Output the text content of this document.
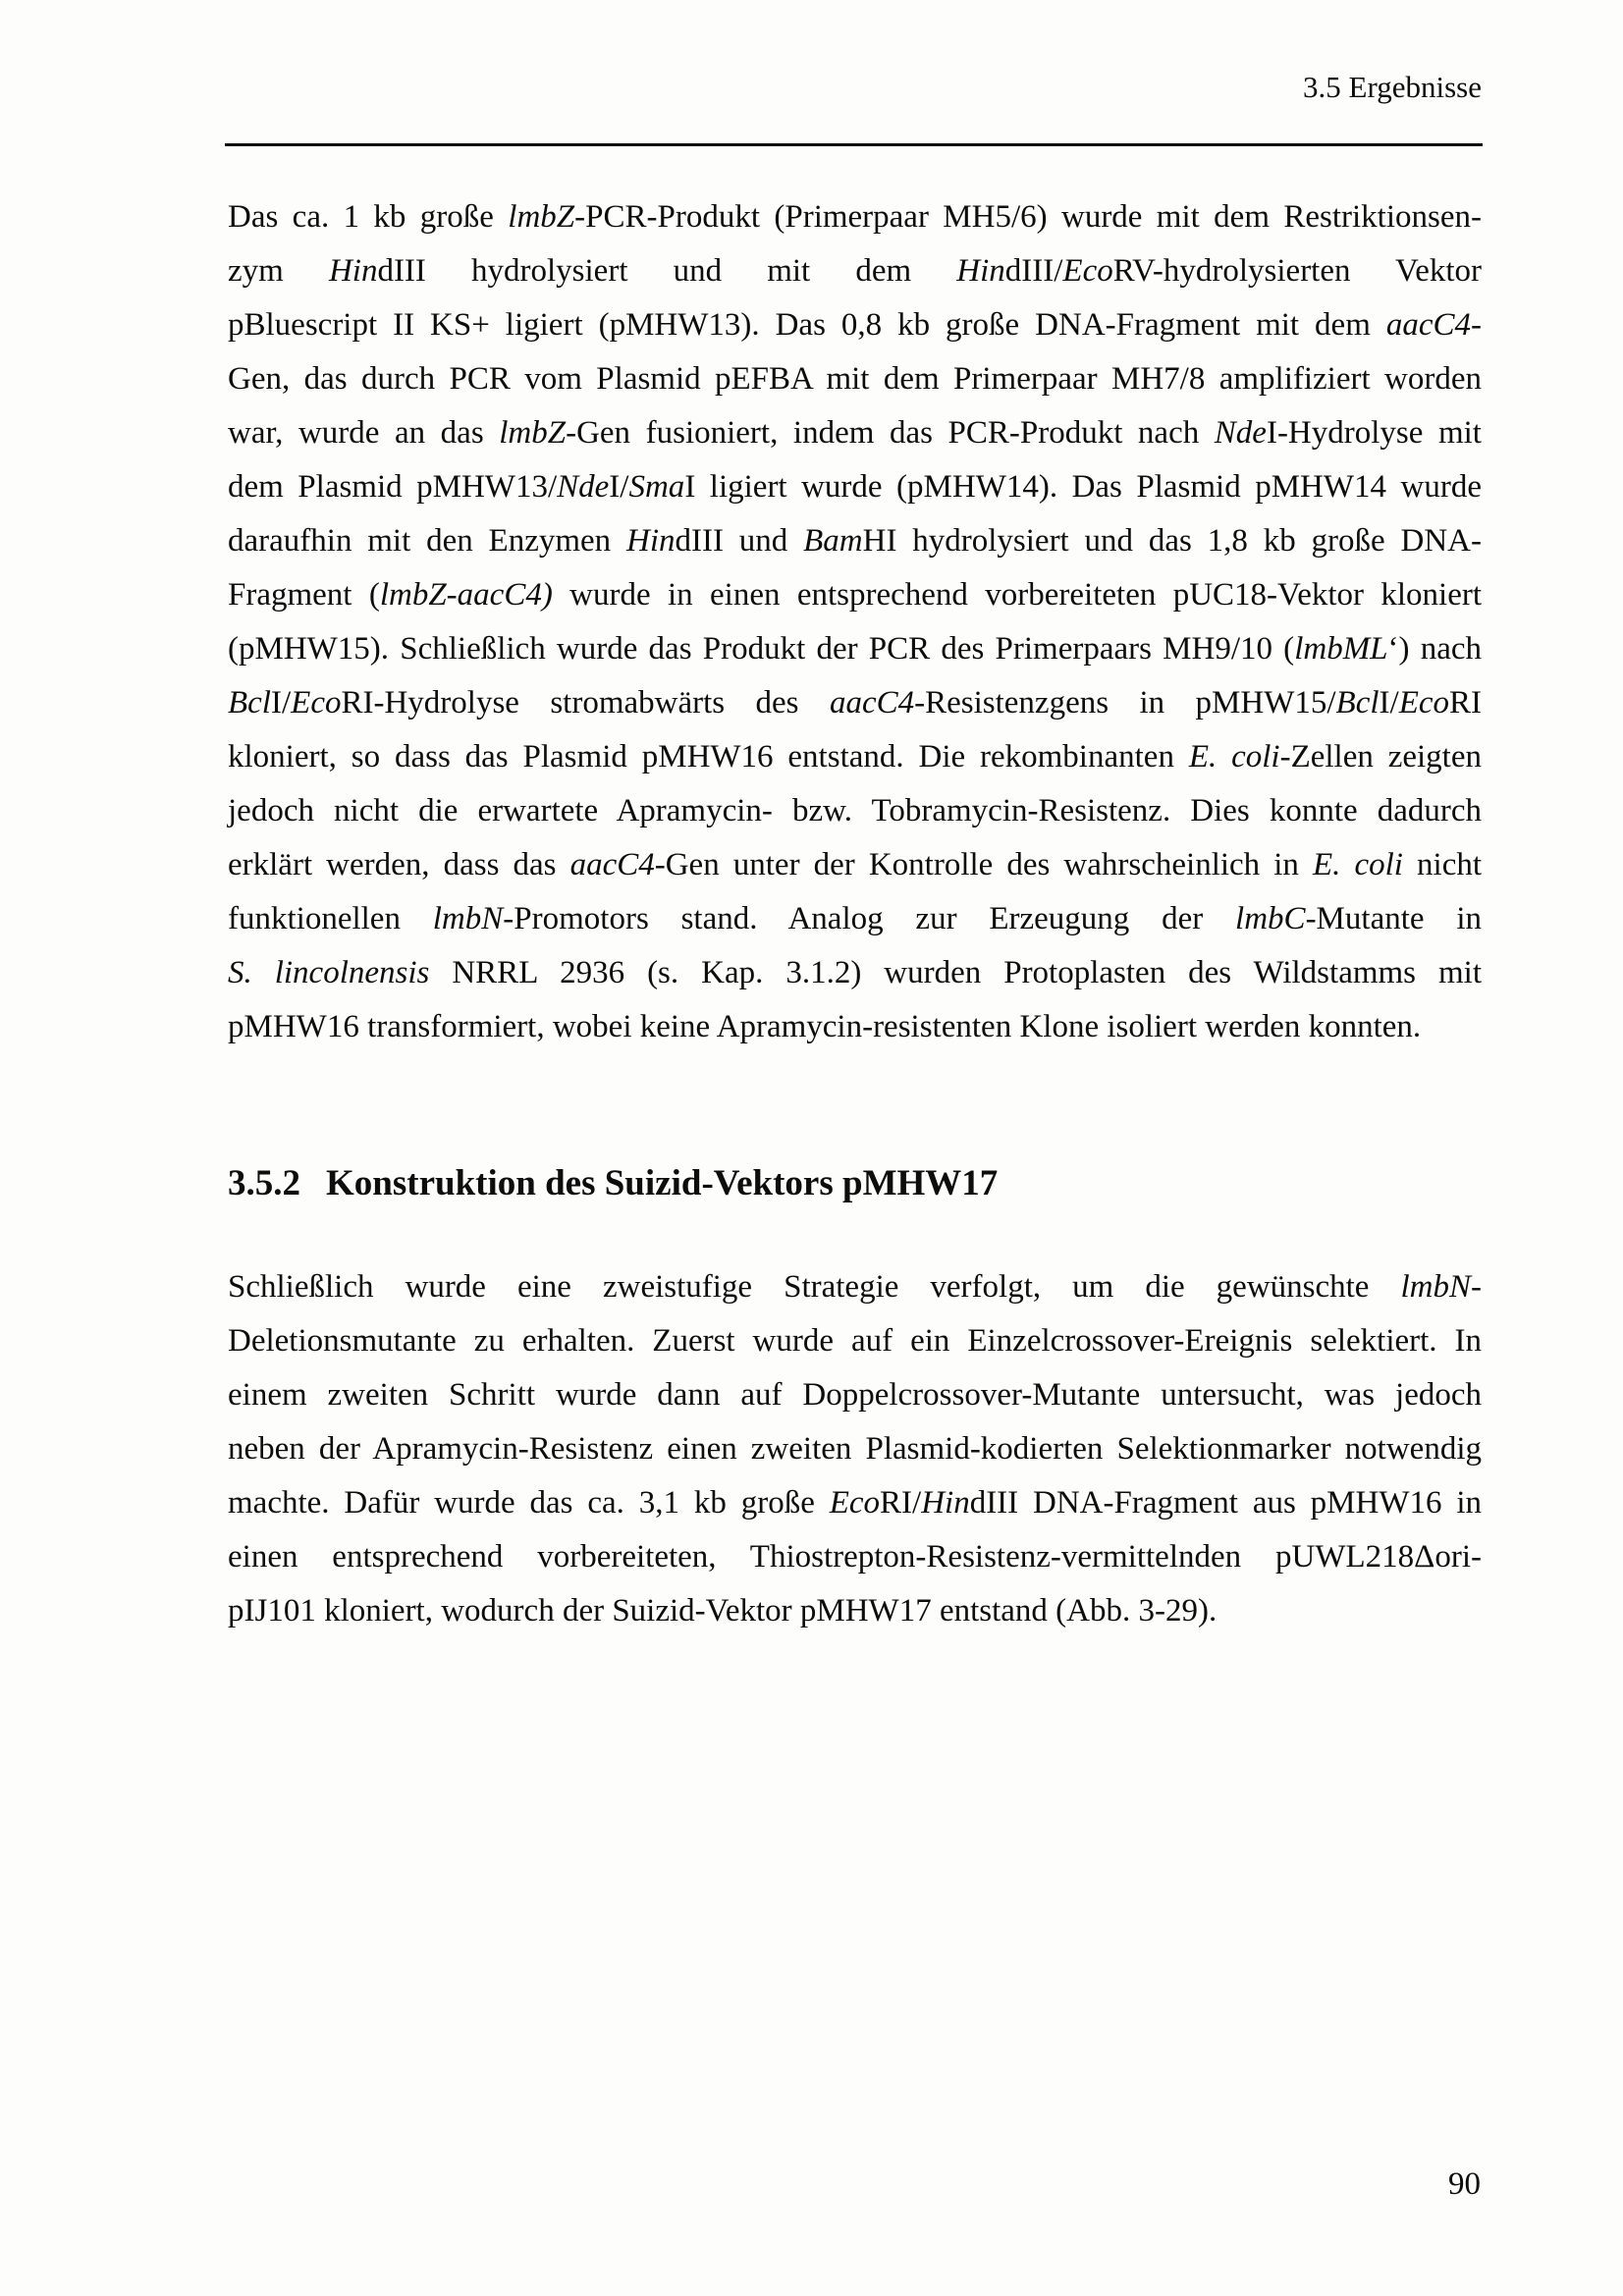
3.5 Ergebnisse
Das ca. 1 kb große lmbZ-PCR-Produkt (Primerpaar MH5/6) wurde mit dem Restriktionsen-
zym HindIII hydrolysiert und mit dem HindIII/EcoRV-hydrolysierten Vektor
pBluescript II KS+ ligiert (pMHW13). Das 0,8 kb große DNA-Fragment mit dem aacC4-
Gen, das durch PCR vom Plasmid pEFBA mit dem Primerpaar MH7/8 amplifiziert worden
war, wurde an das lmbZ-Gen fusioniert, indem das PCR-Produkt nach NdeI-Hydrolyse mit
dem Plasmid pMHW13/NdeI/SmaI ligiert wurde (pMHW14). Das Plasmid pMHW14 wurde
daraufhin mit den Enzymen HindIII und BamHI hydrolysiert und das 1,8 kb große DNA-
Fragment (lmbZ-aacC4) wurde in einen entsprechend vorbereiteten pUC18-Vektor kloniert
(pMHW15). Schließlich wurde das Produkt der PCR des Primerpaars MH9/10 (lmbML‘) nach
BclI/EcoRI-Hydrolyse stromabwärts des aacC4-Resistenzgens in pMHW15/BclI/EcoRI
kloniert, so dass das Plasmid pMHW16 entstand. Die rekombinanten E. coli-Zellen zeigten
jedoch nicht die erwartete Apramycin- bzw. Tobramycin-Resistenz. Dies konnte dadurch
erklärt werden, dass das aacC4-Gen unter der Kontrolle des wahrscheinlich in E. coli nicht
funktionellen lmbN-Promotors stand. Analog zur Erzeugung der lmbC-Mutante in
S. lincolnensis NRRL 2936 (s. Kap. 3.1.2) wurden Protoplasten des Wildstamms mit
pMHW16 transformiert, wobei keine Apramycin-resistenten Klone isoliert werden konnten.
3.5.2 Konstruktion des Suizid-Vektors pMHW17
Schließlich wurde eine zweistufige Strategie verfolgt, um die gewünschte lmbN-
Deletionsmutante zu erhalten. Zuerst wurde auf ein Einzelcrossover-Ereignis selektiert. In
einem zweiten Schritt wurde dann auf Doppelcrossover-Mutante untersucht, was jedoch
neben der Apramycin-Resistenz einen zweiten Plasmid-kodierten Selektionmarker notwendig
machte. Dafür wurde das ca. 3,1 kb große EcoRI/HindIII DNA-Fragment aus pMHW16 in
einen entsprechend vorbereiteten, Thiostrepton-Resistenz-vermittelnden pUWL218Δori-
pIJ101 kloniert, wodurch der Suizid-Vektor pMHW17 entstand (Abb. 3-29).
90
